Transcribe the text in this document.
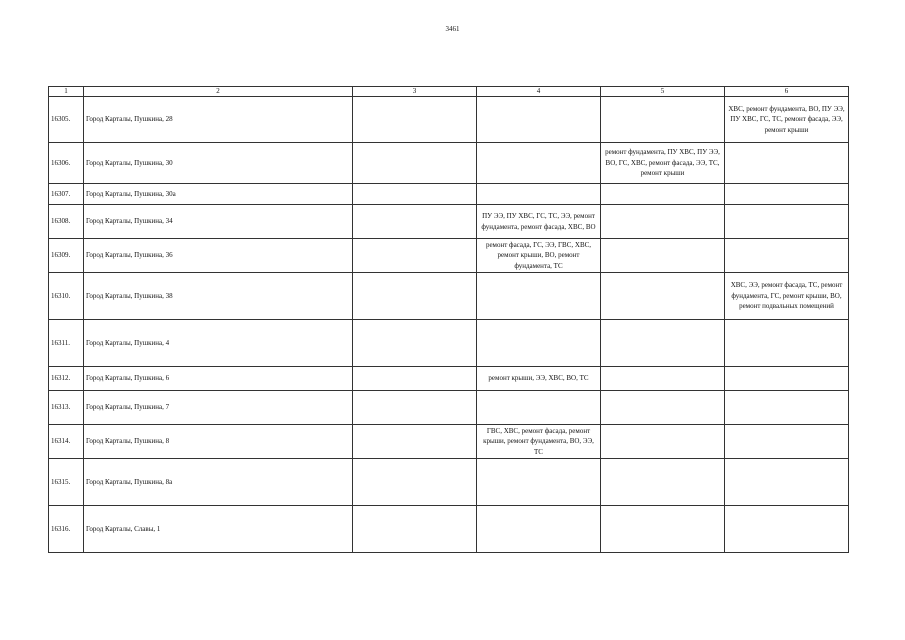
3461
1	2	3	4	5	6
16305.	Город Карталы, Пушкина, 28				ХВС, ремонт фундамента, ВО, ПУ ЭЭ, ПУ ХВС, ГС, ТС, ремонт фасада, ЭЭ, ремонт крыши
16306.	Город Карталы, Пушкина, 30			ремонт фундамента, ПУ ХВС, ПУ ЭЭ, ВО, ГС, ХВС, ремонт фасада, ЭЭ, ТС, ремонт крыши	
16307.	Город Карталы, Пушкина, 30а				
16308.	Город Карталы, Пушкина, 34		ПУ ЭЭ, ПУ ХВС, ГС, ТС, ЭЭ, ремонт фундамента, ремонт фасада, ХВС, ВО		
16309.	Город Карталы, Пушкина, 36		ремонт фасада, ГС, ЭЭ, ГВС, ХВС, ремонт крыши, ВО, ремонт фундамента, ТС		
16310.	Город Карталы, Пушкина, 38				ХВС, ЭЭ, ремонт фасада, ТС, ремонт фундамента, ГС, ремонт крыши, ВО, ремонт подвальных помещений
16311.	Город Карталы, Пушкина, 4				
16312.	Город Карталы, Пушкина, 6		ремонт крыши, ЭЭ, ХВС, ВО, ТС		
16313.	Город Карталы, Пушкина, 7				
16314.	Город Карталы, Пушкина, 8		ГВС, ХВС, ремонт фасада, ремонт крыши, ремонт фундамента, ВО, ЭЭ, ТС		
16315.	Город Карталы, Пушкина, 8а				
16316.	Город Карталы, Славы, 1				
